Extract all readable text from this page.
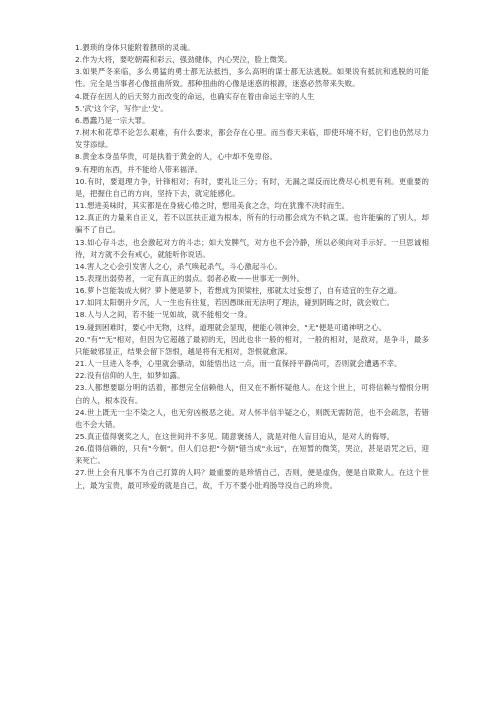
1.猥琐的身体只能附着猥琐的灵魂。
2.作为大将，要吃朝霞和彩云，强劲健体，内心哭泣，脸上微笑。
3.如果严冬来临，多么勇猛的勇士都无法抵挡，多么高明的谋士都无法逃脱。如果说有抵抗和逃脱的可能性。完全是当事者心像扭曲所致。那种扭曲的心像是迷惑的根源，迷惑必然带来失败。
4.既存在因人的后天努力而改变的命运，也确实存在着由命运主宰的人生
5.'武'这个字，写作'止'戈'。
6.愚蠢乃是一宗大罪。
7.树木和花草不论怎么艰难，有什么要求，都会存在心里。而当春天来临，即使环境不好，它们也仍然尽力发芽添绿。
8.黄金本身虽华贵，可是执着于黄金的人，心中却不免卑俗。
9.有理的东西，并不能给人带来福泽。
10.有时，要退理力争，针锋相对；有时，要礼让三分；有时，无漏之谋反而比费尽心机更有利。更重要的是，把握住自己的方向，坚持下去，就定能感化。
11.想进美味时，其实都是在身疲心倦之时，想用美食之念，均在犹豫不决时而生。
12.真正的力量来自正义，若不以匡扶正道为根本，所有的行动都会成为不轨之谋。也许能骗的了别人，却骗不了自己。
13.如心存斗志，也会激起对方的斗志；如大发脾气，对方也不会冷静，所以必须向对手示好。一旦思诚相待，对方就不会有戒心，就能听你说话。
14.害人之心会引发害人之心，杀气唤起杀气，斗心激起斗心。
15.表现出弱势者，一定有真正的弱点。弱者必败——世事无一例外。
16.萝卜岂能装成大树？萝卜便是萝卜，若想成为顶梁柱，那就太过妄想了，自有适宜的生存之道。
17.如同太阳朝升夕沉，人一生也有往复，若因愚昧而无法明了理法，碰到阴晦之时，就会败亡。
18.人与人之间，若不能一见如故，就不能相交一身。
19.碰到困难时，要心中无物，这样，道理就会显现，便能心领神会，"无"便是可通神明之心。
20."有""无"相对，但因为它超越了最初的无，因此也非一般的相对，一般的相对，是敌对，是争斗，最多只能破邪显正，结果会留下怨恨，越是将有无相对，怨恨就愈深。
21.人一旦进入冬季，心里就会骚动，如能悟出这一点，而一直保持平静尚可，否则就会遭遇不幸。
22.没有信仰的人生，如梦如露。
23.人都想要聪分明的活着，都想完全信赖他人，但又在不断怀疑他人。在这个世上，可将信赖与憎恨分明白的人，根本没有。
24.世上既无一尘不染之人，也无穷凶极恶之徒。对人怀半信半疑之心，则既无需防范，也不会疏忽，若错也不会大错。
25.真正值得褒奖之人，在这世间并不多见。随意褒扬人，就是对他人盲目追从，是对人的侮辱。
26.值得信赖的，只有"今朝"。但人们总把"今朝"错当成"永远"，在短暂的微笑，哭泣，甚是语咒之后，迎来死亡。
27.世上会有凡事不为自己打算的人吗？最重要的是珍惜自己，否则，便是虚伪，便是自欺欺人。在这个世上，最为宝贵，最可珍爱的就是自己，故，千万不要小肚鸡肠导没自己的珍贵。
